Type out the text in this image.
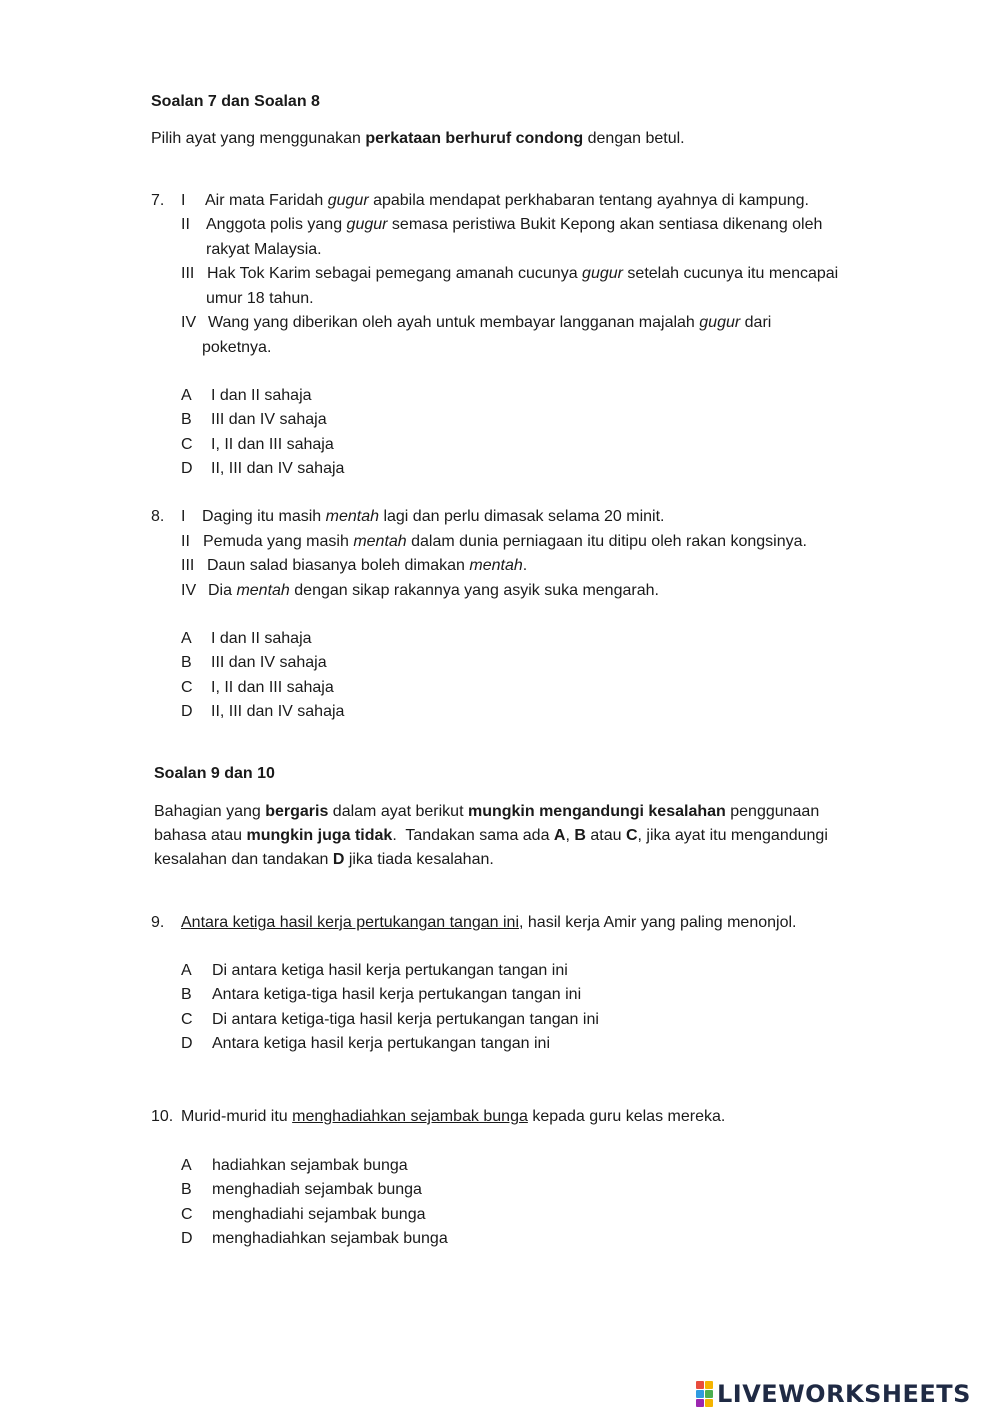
Soalan 7 dan Soalan 8
Pilih ayat yang menggunakan perkataan berhuruf condong dengan betul.
7. I Air mata Faridah gugur apabila mendapat perkhabaran tentang ayahnya di kampung.
II Anggota polis yang gugur semasa peristiwa Bukit Kepong akan sentiasa dikenang oleh
rakyat Malaysia.
III Hak Tok Karim sebagai pemegang amanah cucunya gugur setelah cucunya itu mencapai
umur 18 tahun.
IV Wang yang diberikan oleh ayah untuk membayar langganan majalah gugur dari
poketnya.
A I dan II sahaja
B III dan IV sahaja
C I, II dan III sahaja
D II, III dan IV sahaja
8. I Daging itu masih mentah lagi dan perlu dimasak selama 20 minit.
II Pemuda yang masih mentah dalam dunia perniagaan itu ditipu oleh rakan kongsinya.
III Daun salad biasanya boleh dimakan mentah.
IV Dia mentah dengan sikap rakannya yang asyik suka mengarah.
A I dan II sahaja
B III dan IV sahaja
C I, II dan III sahaja
D II, III dan IV sahaja
Soalan 9 dan 10
Bahagian yang bergaris dalam ayat berikut mungkin mengandungi kesalahan penggunaan
bahasa atau mungkin juga tidak.  Tandakan sama ada A, B atau C, jika ayat itu mengandungi
kesalahan dan tandakan D jika tiada kesalahan.
9. Antara ketiga hasil kerja pertukangan tangan ini, hasil kerja Amir yang paling menonjol.
A Di antara ketiga hasil kerja pertukangan tangan ini
B Antara ketiga-tiga hasil kerja pertukangan tangan ini
C Di antara ketiga-tiga hasil kerja pertukangan tangan ini
D Antara ketiga hasil kerja pertukangan tangan ini
10. Murid-murid itu menghadiahkan sejambak bunga kepada guru kelas mereka.
A hadiahkan sejambak bunga
B menghadiah sejambak bunga
C menghadiahi sejambak bunga
D menghadiahkan sejambak bunga
LIVEWORKSHEETS
